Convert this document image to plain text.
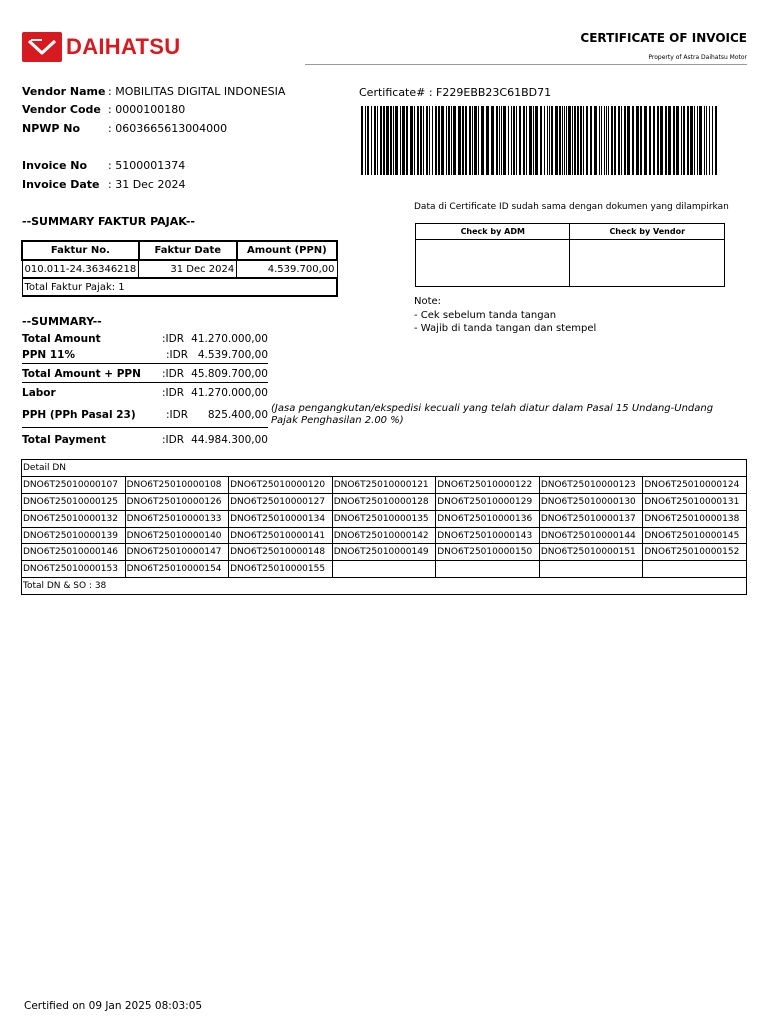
DAIHATSU	CERTIFICATE OF INVOICE
Property of Astra Daihatsu Motor
Vendor Name : MOBILITAS DIGITAL INDONESIA
Vendor Code : 0000100180
NPWP No	: 0603665613004000
Invoice No	: 5100001374
Invoice Date : 31 Dec 2024
Certificate# : F229EBB23C61BD71
--SUMMARY FAKTUR PAJAK--
Faktur No.	Faktur Date	Amount (PPN)
010.011-24.36346218	31 Dec 2024	4.539.700,00
Total Faktur Pajak: 1		
--SUMMARY--
Total Amount	:IDR 41.270.000,00
PPN 11%	:IDR 4.539.700,00
Total Amount + PPN	:IDR 45.809.700,00
Labor	:IDR 41.270.000,00
PPH (PPh Pasal 23)	:IDR	825.400,00 (Jasa pengangkutan/ekspedisi kecuali yang telah diatur dalam Pasal 15 Undang-Undang Pajak Penghasilan 2.00 %)
Total Payment	:IDR 44.984.300,00
Data di Certificate ID sudah sama dengan dokumen yang dilampirkan
Check by ADM	Check by Vendor

Note:
- Cek sebelum tanda tangan
- Wajib di tanda tangan dan stempel
Detail DN						
DNO6T25010000107	DNO6T25010000108	DNO6T25010000120	DNO6T25010000121	DNO6T25010000122	DNO6T25010000123	DNO6T25010000124
DNO6T25010000125	DNO6T25010000126	DNO6T25010000127	DNO6T25010000128	DNO6T25010000129	DNO6T25010000130	DNO6T25010000131
DNO6T25010000132	DNO6T25010000133	DNO6T25010000134	DNO6T25010000135	DNO6T25010000136	DNO6T25010000137	DNO6T25010000138
DNO6T25010000139	DNO6T25010000140	DNO6T25010000141	DNO6T25010000142	DNO6T25010000143	DNO6T25010000144	DNO6T25010000145
DNO6T25010000146	DNO6T25010000147	DNO6T25010000148	DNO6T25010000149	DNO6T25010000150	DNO6T25010000151	DNO6T25010000152
DNO6T25010000153	DNO6T25010000154	DNO6T25010000155				
Total DN & SO : 38						
Certified on 09 Jan 2025 08:03:05
